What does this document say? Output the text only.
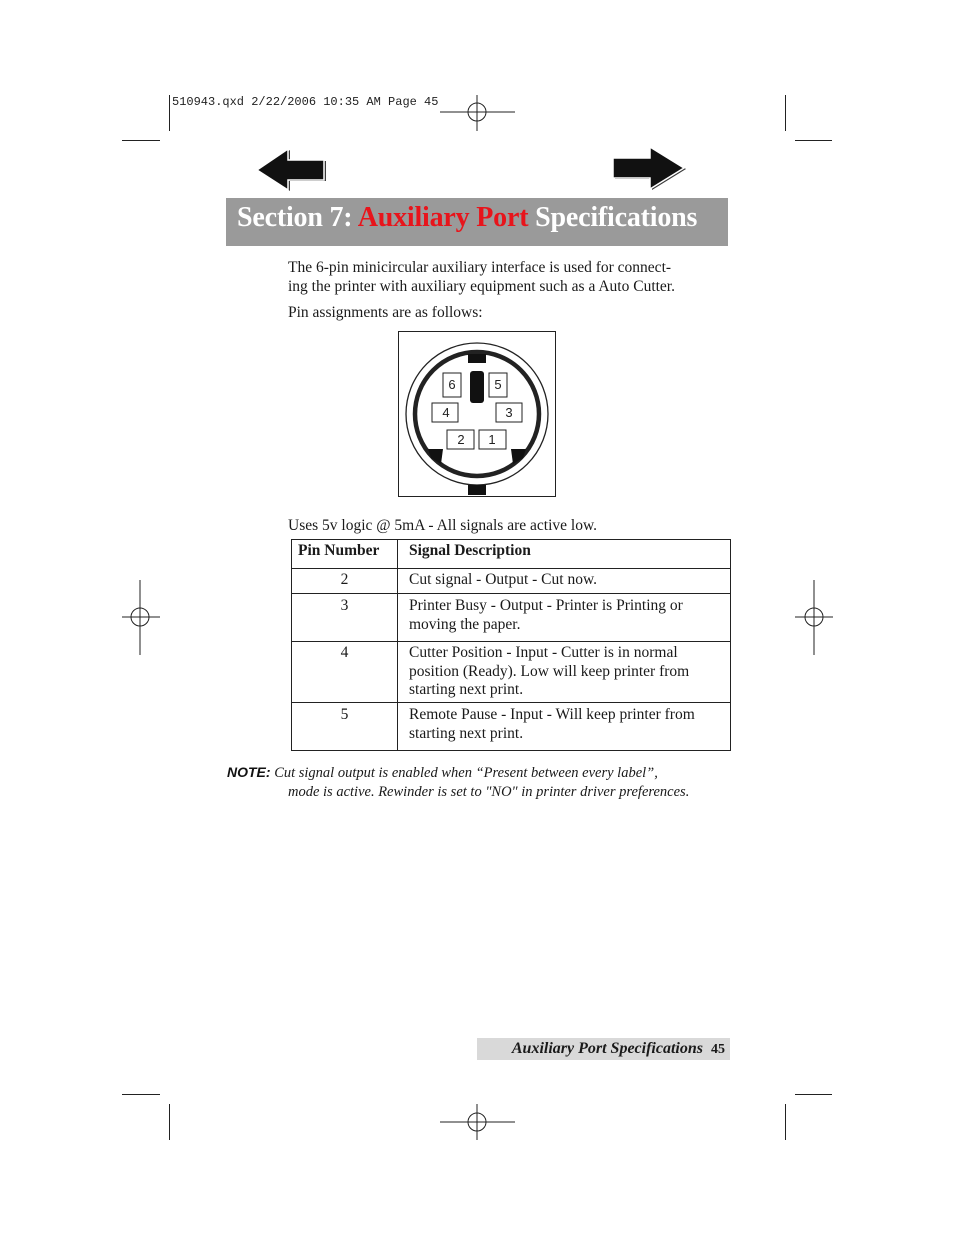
510943.qxd 2/22/2006 10:35 AM Page 45
Section 7: Auxiliary Port Specifications
The 6-pin minicircular auxiliary interface is used for connect-
ing the printer with auxiliary equipment such as a Auto Cutter.
Pin assignments are as follows:
6	5
4	3
2 1
Uses 5v logic @ 5mA - All signals are active low.
Pin Number	Signal Description
2	Cut signal - Output - Cut now.

3	Printer Busy - Output - Printer is Printing or
moving the paper.

4	Cutter Position - Input - Cutter is in normal
position (Ready). Low will keep printer from
starting next print.

5	Remote Pause - Input - Will keep printer from
starting next print.
NOTE: Cut signal output is enabled when “Present between every label”,
mode is active. Rewinder is set to "NO" in printer driver preferences.
Auxiliary Port Specifications 45
